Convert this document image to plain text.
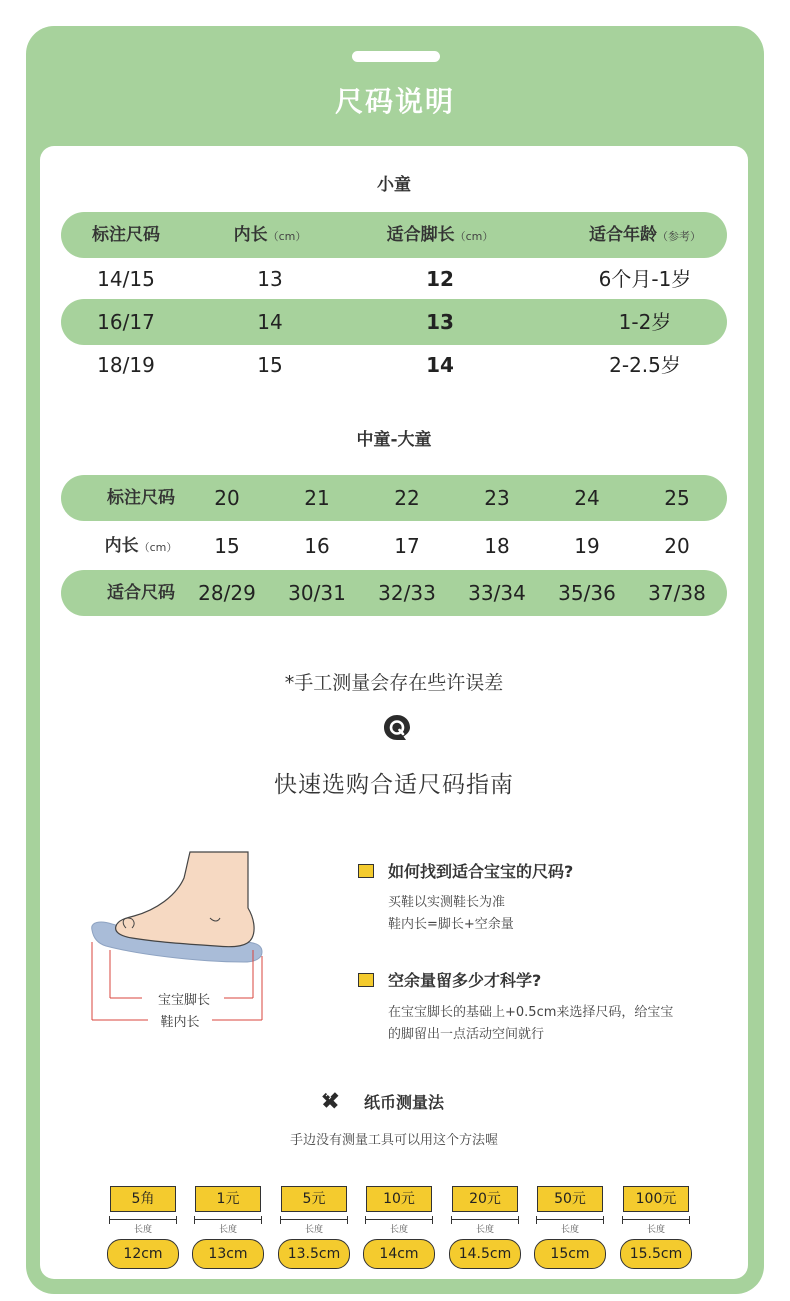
尺码说明
小童
标注尺码	内长（cm）	适合脚长（cm）	适合年龄（参考）
14/15	13	12	6个月-1岁
16/17	14	13	1-2岁
18/19	15	14	2-2.5岁
中童-大童
标注尺码	20	21	22	23	24	25
内长（cm）	15	16	17	18	19	20
适合尺码	28/29	30/31	32/33	33/34	35/36	37/38
*手工测量会存在些许误差
快速选购合适尺码指南
宝宝脚长
鞋内长
如何找到适合宝宝的尺码?
买鞋以实测鞋长为准
鞋内长=脚长+空余量
空余量留多少才科学?
在宝宝脚长的基础上+0.5cm来选择尺码，给宝宝
的脚留出一点活动空间就行
纸币测量法
手边没有测量工具可以用这个方法喔
5角
长度
12cm
1元
长度
13cm
5元
长度
13.5cm
10元
长度
14cm
20元
长度
14.5cm
50元
长度
15cm
100元
长度
15.5cm
